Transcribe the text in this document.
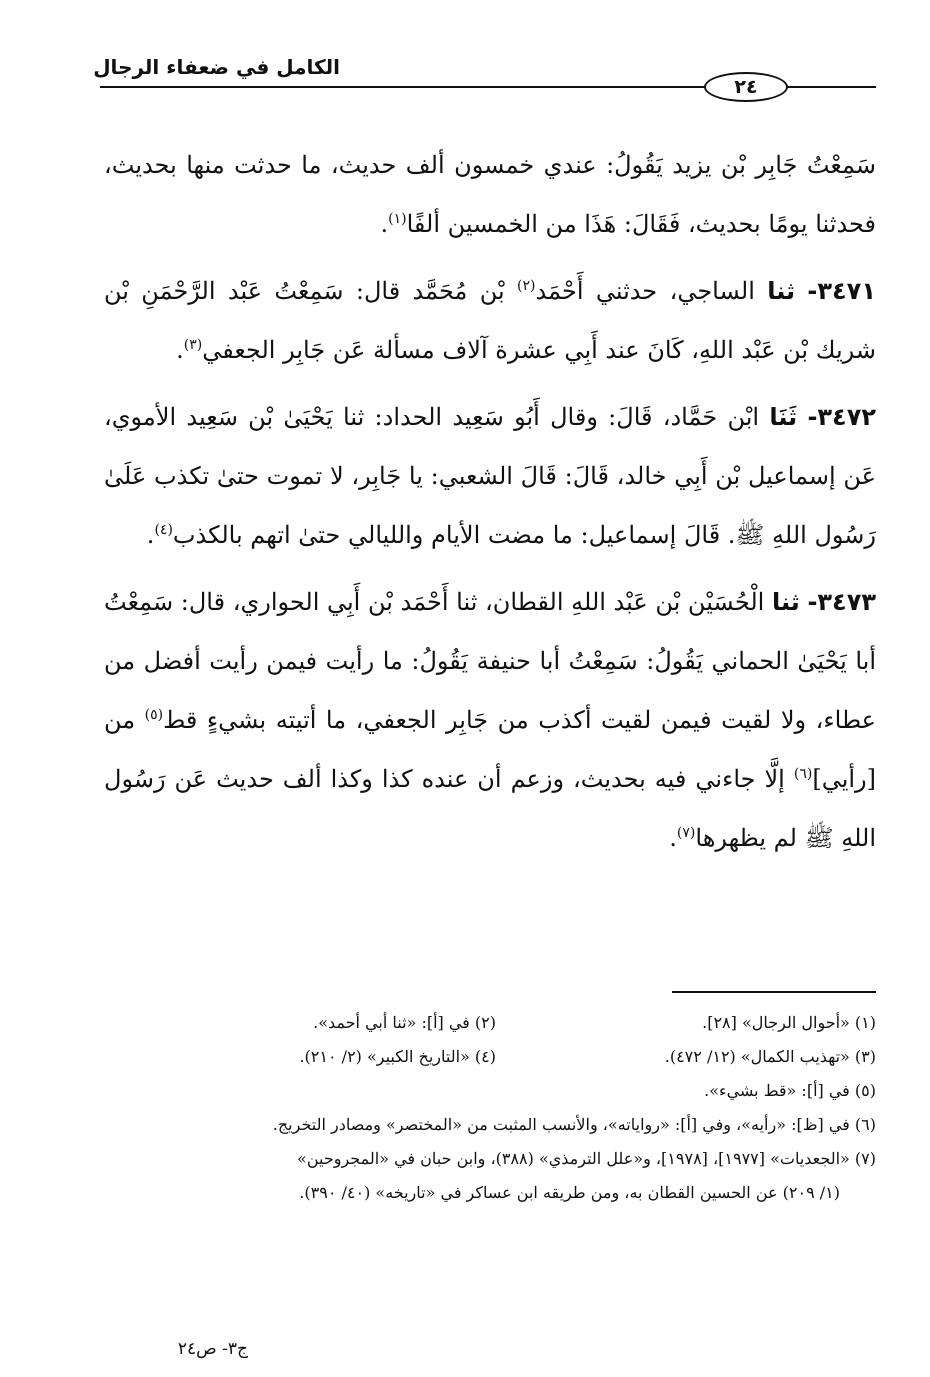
الكامل في ضعفاء الرجال
٢٤

سَمِعْتُ جَابِر بْن يزيد يَقُولُ: عندي خمسون ألف حديث، ما حدثت منها بحديث، فحدثنا يومًا بحديث، فَقَالَ: هَذَا من الخمسين ألفًا$^{(١)}$.

٣٤٧١- ثنا الساجي، حدثني أَحْمَد$^{(٢)}$ بْن مُحَمَّد قال: سَمِعْتُ عَبْد الرَّحْمَنِ بْن شريك بْن عَبْد اللهِ، كَانَ عند أَبِي عشرة آلاف مسألة عَن جَابِر الجعفي$^{(٣)}$.

٣٤٧٢- ثَنَا ابْن حَمَّاد، قَالَ: وقال أَبُو سَعِيد الحداد: ثنا يَحْيَىٰ بْن سَعِيد الأموي، عَن إسماعيل بْن أَبِي خالد، قَالَ: قَالَ الشعبي: يا جَابِر، لا تموت حتىٰ تكذب عَلَىٰ رَسُول اللهِ ﷺ. قَالَ إسماعيل: ما مضت الأيام والليالي حتىٰ اتهم بالكذب$^{(٤)}$.

٣٤٧٣- ثنا الْحُسَيْن بْن عَبْد اللهِ القطان، ثنا أَحْمَد بْن أَبِي الحواري، قال: سَمِعْتُ أبا يَحْيَىٰ الحماني يَقُولُ: سَمِعْتُ أبا حنيفة يَقُولُ: ما رأيت فيمن رأيت أفضل من عطاء، ولا لقيت فيمن لقيت أكذب من جَابِر الجعفي، ما أتيته بشيءٍ قط$^{(٥)}$ من [رأيي]$^{(٦)}$ إلَّا جاءني فيه بحديث، وزعم أن عنده كذا وكذا ألف حديث عَن رَسُول اللهِ ﷺ لم يظهرها$^{(٧)}$.

(١) «أحوال الرجال» [٢٨].
(٢) في [أ]: «ثنا أبي أحمد».
(٣) «تهذيب الكمال» (١٢/ ٤٧٢).
(٤) «التاريخ الكبير» (٢/ ٢١٠).
(٥) في [أ]: «قط بشيء».
(٦) في [ظ]: «رأيه»، وفي [أ]: «رواياته»، والأنسب المثبت من «المختصر» ومصادر التخريج.
(٧) «الجعديات» [١٩٧٧]، [١٩٧٨]، و«علل الترمذي» (٣٨٨)، وابن حبان في «المجروحين»
(١/ ٢٠٩) عن الحسين القطان به، ومن طريقه ابن عساكر في «تاريخه» (٤٠/ ٣٩٠).
ج٣- ص٢٤
